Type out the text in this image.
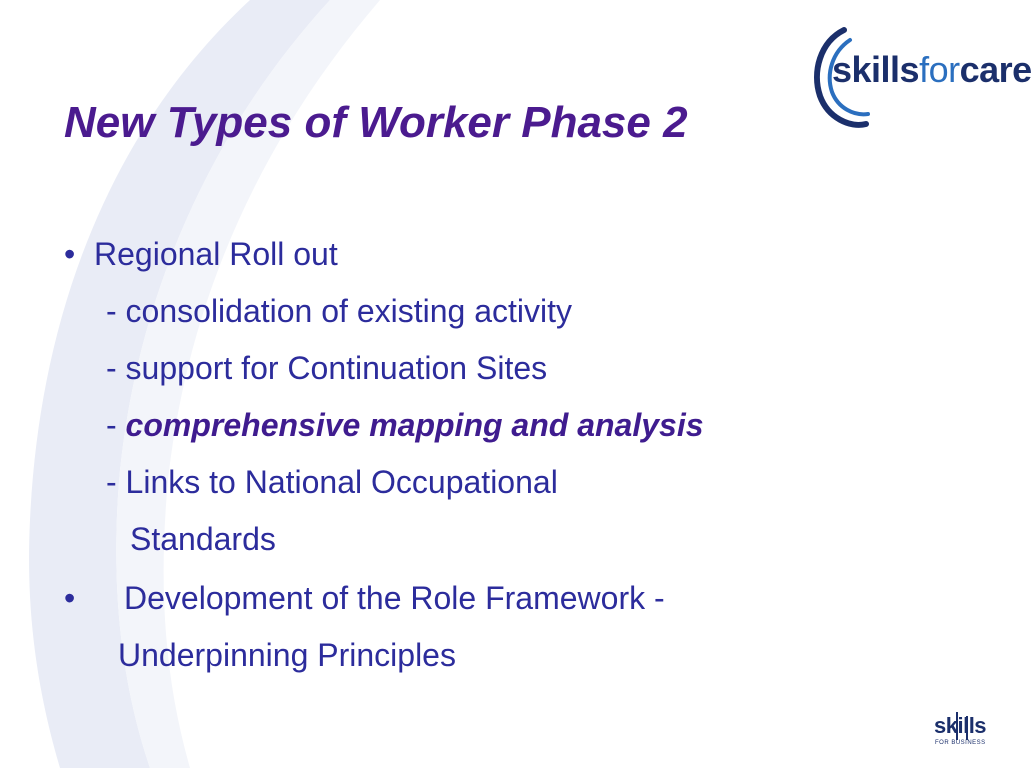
skillsforcare
New Types of Worker Phase 2
• Regional Roll out
- consolidation of existing activity
- support for Continuation Sites
- comprehensive mapping and analysis
- Links to National Occupational
Standards
• Development of the Role Framework -
Underpinning Principles
skills
FOR BUSINESS
